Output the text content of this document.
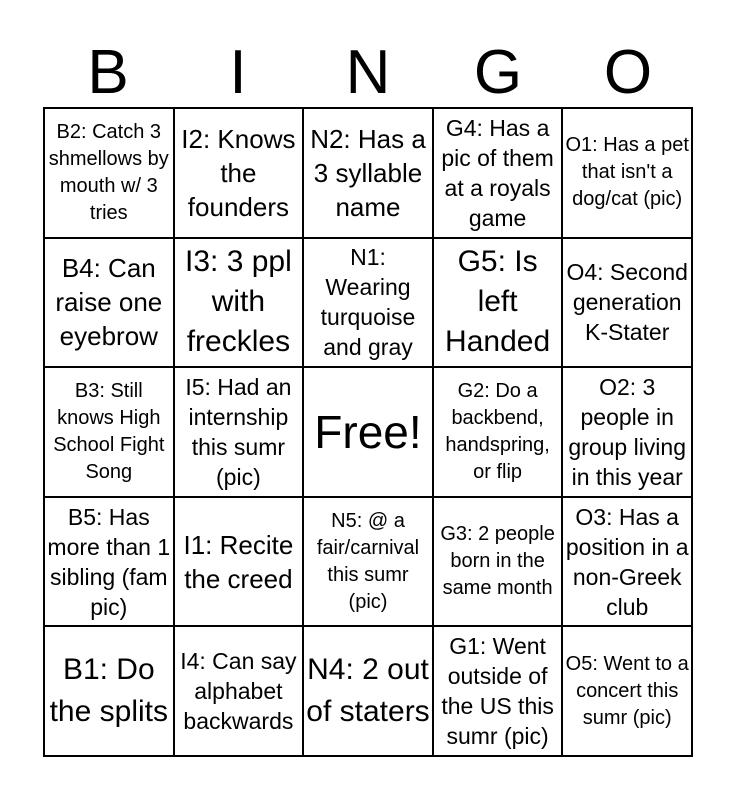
B	I	N	G	O
B2: Catch 3 shmellows by mouth w/ 3 tries
I2: Knows the founders
N2: Has a 3 syllable name
G4: Has a pic of them at a royals game
O1: Has a pet that isn't a dog/cat (pic)
B4: Can raise one eyebrow
I3: 3 ppl with freckles
N1: Wearing turquoise and gray
G5: Is left Handed
O4: Second generation K-Stater
B3: Still knows High School Fight Song
I5: Had an internship this sumr (pic)
Free!
G2: Do a backbend, handspring, or flip
O2: 3 people in group living in this year
B5: Has more than 1 sibling (fam pic)
I1: Recite the creed
N5: @ a fair/carnival this sumr (pic)
G3: 2 people born in the same month
O3: Has a position in a non-Greek club
B1: Do the splits
I4: Can say alphabet backwards
N4: 2 out of staters
G1: Went outside of the US this sumr (pic)
O5: Went to a concert this sumr (pic)
